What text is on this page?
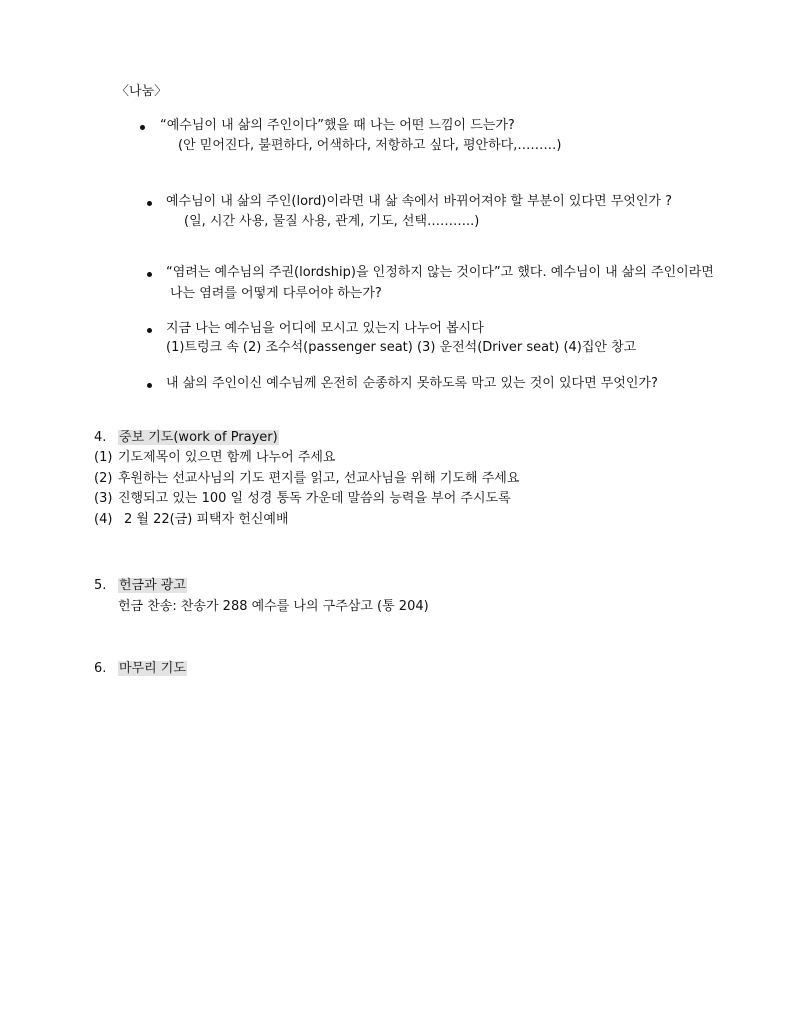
〈나눔〉
“예수님이 내 삶의 주인이다”했을 때 나는 어떤 느낌이 드는가?
(안 믿어진다, 불편하다, 어색하다, 저항하고 싶다, 평안하다,………)
예수님이 내 삶의 주인(lord)이라면 내 삶 속에서 바뀌어져야 할 부분이 있다면 무엇인가 ?
(일, 시간 사용, 물질 사용, 관계, 기도, 선택………..)
“염려는 예수님의 주권(lordship)을 인정하지 않는 것이다”고 했다. 예수님이 내 삶의 주인이라면
나는 염려를 어떻게 다루어야 하는가?
지금 나는 예수님을 어디에 모시고 있는지 나누어 봅시다
(1)트렁크 속 (2) 조수석(passenger seat) (3) 운전석(Driver seat) (4)집안 창고
내 삶의 주인이신 예수님께 온전히 순종하지 못하도록 막고 있는 것이 있다면 무엇인가?
4. 중보 기도(work of Prayer)
(1) 기도제목이 있으면 함께 나누어 주세요
(2) 후원하는 선교사님의 기도 편지를 읽고, 선교사님을 위해 기도해 주세요
(3) 진행되고 있는 100 일 성경 통독 가운데 말씀의 능력을 부어 주시도록
(4) 2 월 22(금) 피택자 헌신예배
5. 헌금과 광고
헌금 찬송: 찬송가 288 예수를 나의 구주삼고 (통 204)
6. 마무리 기도
